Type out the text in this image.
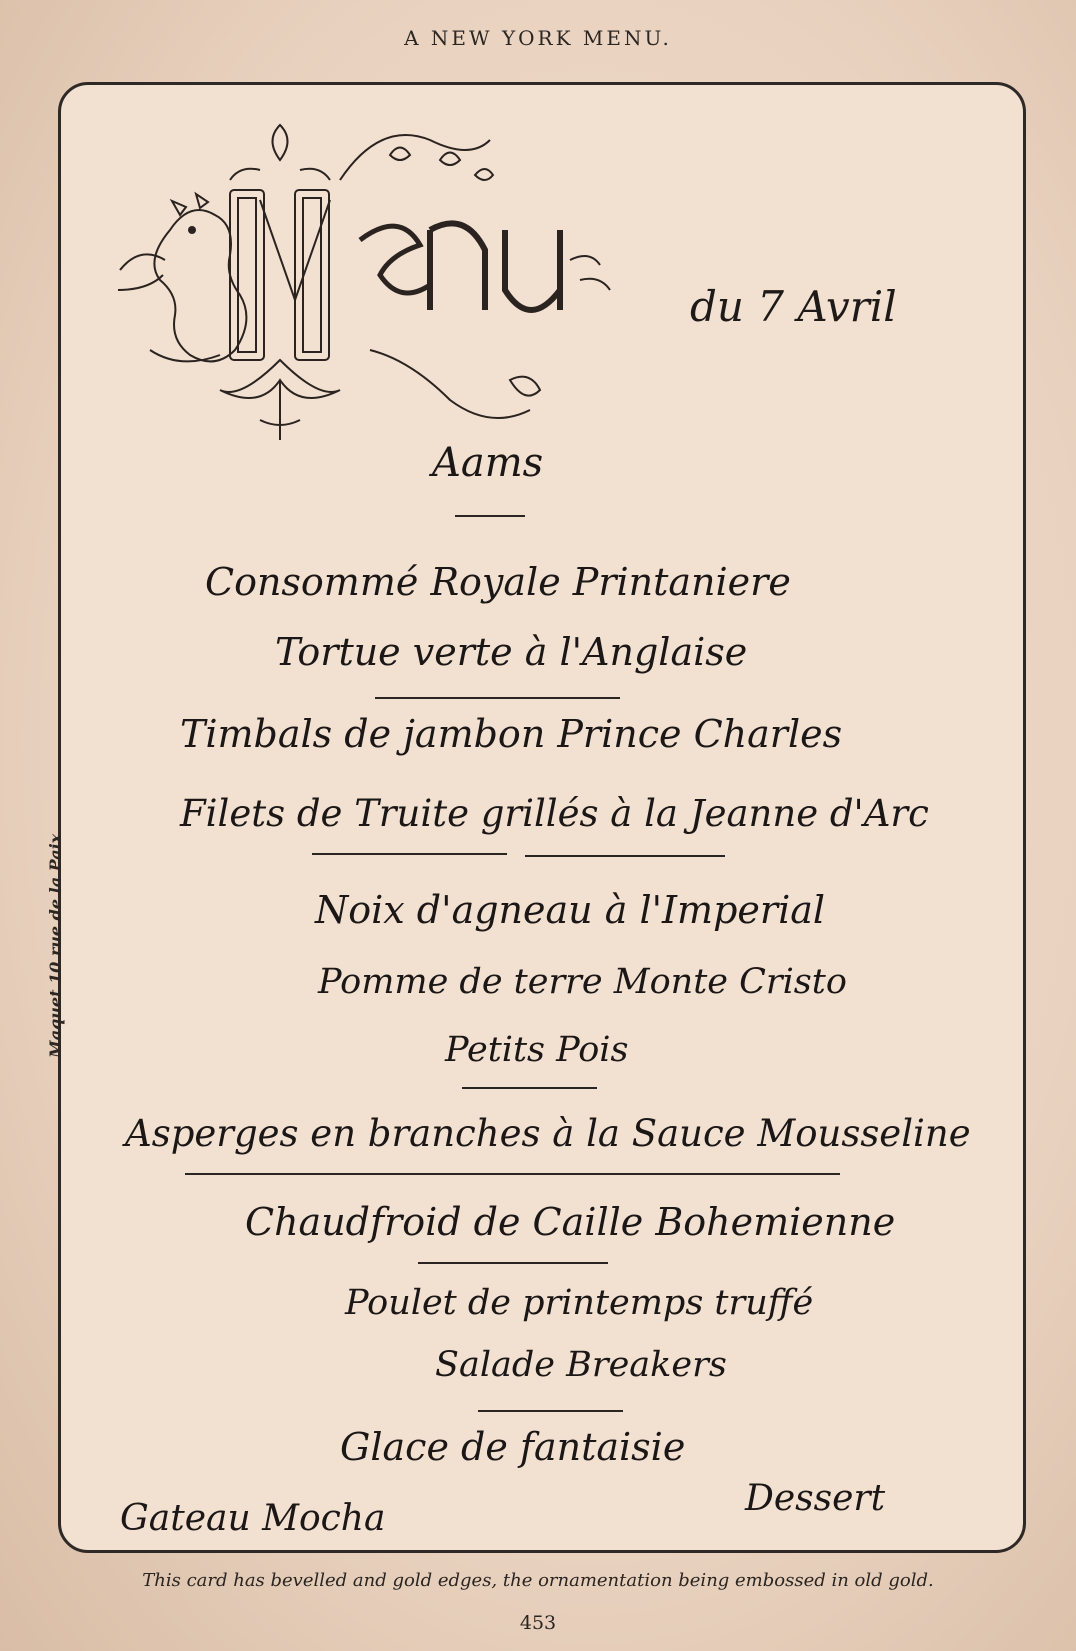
A NEW YORK MENU.
Maquet 10 rue de la Paix
du 7 Avril
Aams
Consommé Royale Printaniere
Tortue verte à l'Anglaise
Timbals de jambon Prince Charles
Filets de Truite grillés à la Jeanne d'Arc
Noix d'agneau à l'Imperial
Pomme de terre Monte Cristo
Petits Pois
Asperges en branches à la Sauce Mousseline
Chaudfroid de Caille Bohemienne
Poulet de printemps truffé
Salade Breakers
Glace de fantaisie
Gateau Mocha	Dessert
This card has bevelled and gold edges, the ornamentation being embossed in old gold.
453
